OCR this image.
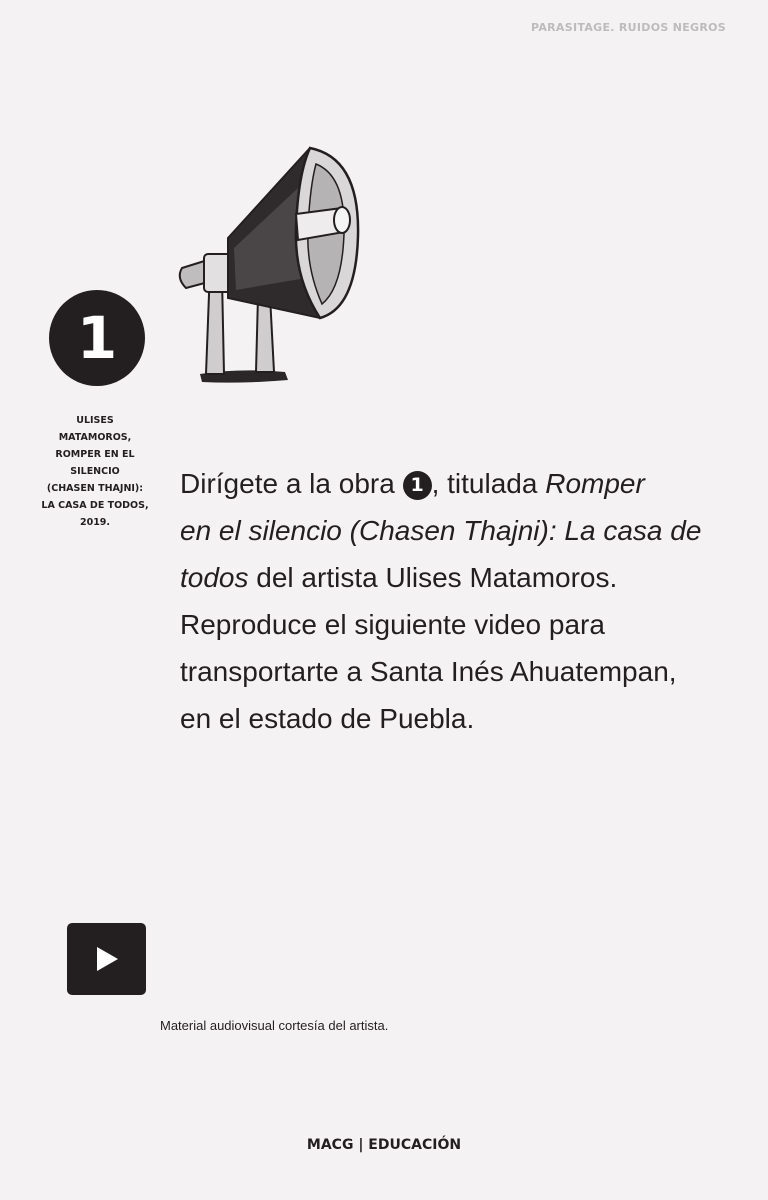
PARASITAGE. RUIDOS NEGROS
1
ULISES
MATAMOROS,
ROMPER EN EL
SILENCIO
(CHASEN THAJNI):
LA CASA DE TODOS,
2019.
Dirígete a la obra 1 , titulada Romper
en el silencio (Chasen Thajni): La casa de
todos del artista Ulises Matamoros.
Reproduce el siguiente video para
transportarte a Santa Inés Ahuatempan,
en el estado de Puebla.
Material audiovisual cortesía del artista.
MACG | EDUCACIÓN
